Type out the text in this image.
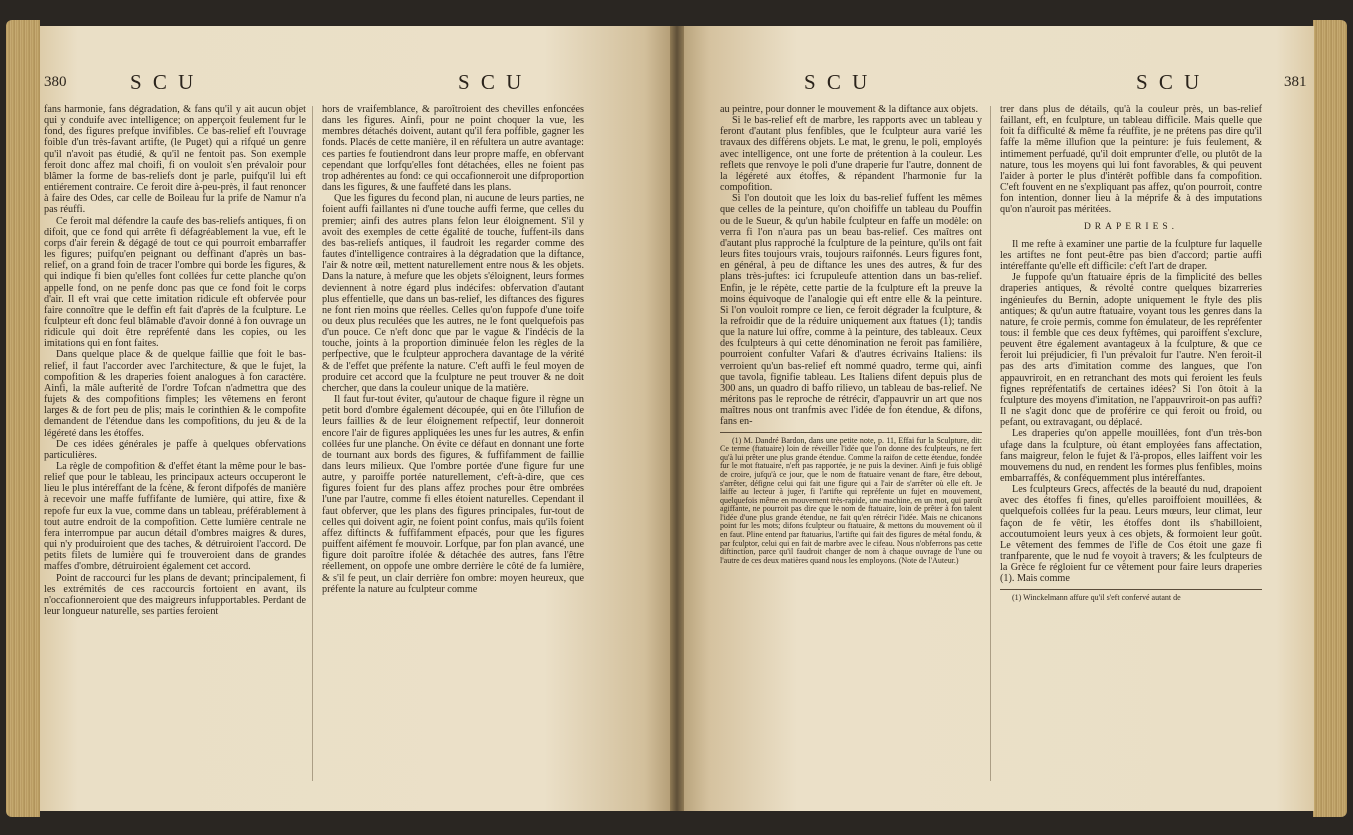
380	S C U	S C U

fans harmonie, fans dégradation, & fans qu'il y ait aucun objet qui y conduife avec intelligence; on apperçoit feulement fur le fond, des figures prefque invifibles. Ce bas-relief eft l'ouvrage foible d'un très-favant artifte, (le Puget) qui a rifqué un genre qu'il n'avoit pas étudié, & qu'il ne fentoit pas. Son exemple feroit donc affez mal choifi, fi on vouloit s'en prévaloir pour blâmer la forme de bas-reliefs dont je parle, puifqu'il lui eft entiérement contraire. Ce feroit dire à-peu-près, il faut renoncer à faire des Odes, car celle de Boileau fur la prife de Namur n'a pas réuffi.

Ce feroit mal défendre la caufe des bas-reliefs antiques, fi on difoit, que ce fond qui arrête fi défagréablement la vue, eft le corps d'air ferein & dégagé de tout ce qui pourroit embarraffer les figures; puifqu'en peignant ou deffinant d'après un bas-relief, on a grand foin de tracer l'ombre qui borde les figures, & qui indique fi bien qu'elles font collées fur cette planche qu'on appelle fond, on ne penfe donc pas que ce fond foit le corps d'air. Il eft vrai que cette imitation ridicule eft obfervée pour faire connoître que le deffin eft fait d'après de la fculpture. Le fculpteur eft donc feul blâmable d'avoir donné à fon ouvrage un ridicule qui doit être repréfenté dans les copies, ou les imitations qui en font faites.

Dans quelque place & de quelque faillie que foit le bas-relief, il faut l'accorder avec l'architecture, & que le fujet, la compofition & les draperies foient analogues à fon caractère. Ainfi, la mâle aufterité de l'ordre Tofcan n'admettra que des fujets & des compofitions fimples; les vêtemens en feront larges & de fort peu de plis; mais le corinthien & le compofite demandent de l'étendue dans les compofitions, du jeu & de la légéreté dans les étoffes.

De ces idées générales je paffe à quelques obfervations particulières.

La règle de compofition & d'effet étant la même pour le bas-relief que pour le tableau, les principaux acteurs occuperont le lieu le plus intéreffant de la fcène, & feront difpofés de manière à recevoir une maffe fuffifante de lumière, qui attire, fixe & repofe fur eux la vue, comme dans un tableau, préférablement à tout autre endroit de la compofition. Cette lumière centrale ne fera interrompue par aucun détail d'ombres maigres & dures, qui n'y produiroient que des taches, & détruiroient l'accord. De petits filets de lumière qui fe trouveroient dans de grandes maffes d'ombre, détruiroient également cet accord.

Point de raccourci fur les plans de devant; principalement, fi les extrémités de ces raccourcis fortoient en avant, ils n'occafionneroient que des maigreurs infupportables. Perdant de leur longueur naturelle, ses parties feroient

hors de vraifemblance, & paroîtroient des chevilles enfoncées dans les figures. Ainfi, pour ne point choquer la vue, les membres détachés doivent, autant qu'il fera poffible, gagner les fonds. Placés de cette manière, il en réfultera un autre avantage: ces parties fe foutiendront dans leur propre maffe, en obfervant cependant que lorfqu'elles font détachées, elles ne foient pas trop adhérentes au fond: ce qui occafionneroit une difproportion dans les figures, & une fauffeté dans les plans.

Que les figures du fecond plan, ni aucune de leurs parties, ne foient auffi faillantes ni d'une touche auffi ferme, que celles du premier; ainfi des autres plans felon leur éloignement. S'il y avoit des exemples de cette égalité de touche, fuffent-ils dans des bas-reliefs antiques, il faudroit les regarder comme des fautes d'intelligence contraires à la dégradation que la diftance, l'air & notre œil, mettent naturellement entre nous & les objets. Dans la nature, à mefure que les objets s'éloignent, leurs formes deviennent à notre égard plus indécifes: obfervation d'autant plus effentielle, que dans un bas-relief, les diftances des figures ne font rien moins que réelles. Celles qu'on fuppofe d'une toife ou deux plus reculées que les autres, ne le font quelquefois pas d'un pouce. Ce n'eft donc que par le vague & l'indécis de la touche, joints à la proportion diminuée felon les règles de la perfpective, que le fculpteur approchera davantage de la vérité & de l'effet que préfente la nature. C'eft auffi le feul moyen de produire cet accord que la fculpture ne peut trouver & ne doit chercher, que dans la couleur unique de la matière.

Il faut fur-tout éviter, qu'autour de chaque figure il règne un petit bord d'ombre également découpée, qui en ôte l'illufion de leurs faillies & de leur éloignement refpectif, leur donneroit encore l'air de figures appliquées les unes fur les autres, & enfin collées fur une planche. On évite ce défaut en donnant une forte de tournant aux bords des figures, & fuffifamment de faillie dans leurs milieux. Que l'ombre portée d'une figure fur une autre, y paroiffe portée naturellement, c'eft-à-dire, que ces figures foient fur des plans affez proches pour être ombrées l'une par l'autre, comme fi elles étoient naturelles. Cependant il faut obferver, que les plans des figures principales, fur-tout de celles qui doivent agir, ne foient point confus, mais qu'ils foient affez diftincts & fuffifamment efpacés, pour que les figures puiffent aifément fe mouvoir. Lorfque, par fon plan avancé, une figure doit paroître ifolée & détachée des autres, fans l'être réellement, on oppofe une ombre derrière le côté de fa lumière, & s'il fe peut, un clair derrière fon ombre: moyen heureux, que préfente la nature au fculpteur comme

S C U	S C U	381

au peintre, pour donner le mouvement & la diftance aux objets.

Si le bas-relief eft de marbre, les rapports avec un tableau y feront d'autant plus fenfibles, que le fculpteur aura varié les travaux des différens objets. Le mat, le grenu, le poli, employés avec intelligence, ont une forte de prétention à la couleur. Les reflets que renvoye le poli d'une draperie fur l'autre, donnent de la légéreté aux étoffes, & répandent l'harmonie fur la compofition.

Si l'on doutoit que les loix du bas-relief fuffent les mêmes que celles de la peinture, qu'on choififfe un tableau du Pouffin ou de le Sueur, & qu'un habile fculpteur en faffe un modèle: on verra fi l'on n'aura pas un beau bas-relief. Ces maîtres ont d'autant plus rapproché la fculpture de la peinture, qu'ils ont fait leurs fites toujours vrais, toujours raifonnés. Leurs figures font, en général, à peu de diftance les unes des autres, & fur des plans très-juftes: ici fcrupuleufe attention dans un bas-relief. Enfin, je le répète, cette partie de la fculpture eft la preuve la moins équivoque de l'analogie qui eft entre elle & la peinture. Si l'on vouloit rompre ce lien, ce feroit dégrader la fculpture, & la refroidir que de la réduire uniquement aux ftatues (1); tandis que la nature lui offre, comme à la peinture, des tableaux. Ceux des fculpteurs à qui cette dénomination ne feroit pas familière, pourroient confulter Vafari & d'autres écrivains Italiens: ils verroient qu'un bas-relief eft nommé quadro, terme qui, ainfi que tavola, fignifie tableau. Les Italiens difent depuis plus de 300 ans, un quadro di baffo rilievo, un tableau de bas-relief. Ne méritons pas le reproche de rétrécir, d'appauvrir un art que nos maîtres nous ont tranfmis avec l'idée de fon étendue, & difons, fans en-

(1) M. Dandré Bardon, dans une petite note, p. 11, Effai fur la Sculpture, dit: Ce terme (ftatuaire) loin de réveiller l'idée que l'on donne des fculpteurs, ne fert qu'à lui prêter une plus grande étendue. Comme la raifon de cette étendue, fondée fur le mot ftatuaire, n'eft pas rapportée, je ne puis la deviner. Ainfi je fuis obligé de croire, jufqu'à ce jour, que le nom de ftatuaire venant de ftare, être debout, s'arrêter, défigne celui qui fait une figure qui a l'air de s'arrêter où elle eft. Je laiffe au lecteur à juger, fi l'artifte qui repréfente un fujet en mouvement, quelquefois même en mouvement très-rapide, une machine, en un mot, qui paroît agiffante, ne pourroit pas dire que le nom de ftatuaire, loin de prêter à fon talent l'idée d'une plus grande étendue, ne fait qu'en rétrécir l'idée. Mais ne chicanons point fur les mots; difons fculpteur ou ftatuaire, & mettons du mouvement où il en faut. Pline entend par ftatuarius, l'artifte qui fait des figures de métal fondu, & par fculptor, celui qui en fait de marbre avec le cifeau. Nous n'obferrons pas cette diftinction, parce qu'il faudroit changer de nom à chaque ouvrage de l'une ou l'autre de ces deux matières quand nous les employons. (Note de l'Auteur.)

trer dans plus de détails, qu'à la couleur près, un bas-relief faillant, eft, en fculpture, un tableau difficile. Mais quelle que foit fa difficulté & même fa réuffite, je ne prétens pas dire qu'il faffe la même illufion que la peinture: je fuis feulement, & intimement perfuadé, qu'il doit emprunter d'elle, ou plutôt de la nature, tous les moyens qui lui font favorables, & qui peuvent l'aider à porter le plus d'intérêt poffible dans fa compofition. C'eft fouvent en ne s'expliquant pas affez, qu'on pourroit, contre fon intention, donner lieu à la méprife & à des imputations qu'on n'auroit pas méritées.

DRAPERIES.

Il me refte à examiner une partie de la fculpture fur laquelle les artiftes ne font peut-être pas bien d'accord; partie auffi intéreffante qu'elle eft difficile: c'eft l'art de draper.

Je fuppofe qu'un ftatuaire épris de la fimplicité des belles draperies antiques, & révolté contre quelques bizarreries ingénieufes du Bernin, adopte uniquement le ftyle des plis antiques; & qu'un autre ftatuaire, voyant tous les genres dans la nature, fe croie permis, comme fon émulateur, de les repréfenter tous: il femble que ces deux fyftêmes, qui paroiffent s'exclure, peuvent être également avantageux à la fculpture, & que ce feroit lui préjudicier, fi l'un prévaloit fur l'autre. N'en feroit-il pas des arts d'imitation comme des langues, que l'on appauvriroit, en en retranchant des mots qui feroient les feuls fignes repréfentatifs de certaines idées? Si l'on ôtoit à la fculpture des moyens d'imitation, ne l'appauvriroit-on pas auffi? Il ne s'agit donc que de proférire ce qui feroit ou froid, ou pefant, ou extravagant, ou déplacé.

Les draperies qu'on appelle mouillées, font d'un très-bon ufage dans la fculpture, où étant employées fans affectation, fans maigreur, felon le fujet & l'à-propos, elles laiffent voir les mouvemens du nud, en rendent les formes plus fenfibles, moins embarraffés, & conféquemment plus intéreffantes.

Les fculpteurs Grecs, affectés de la beauté du nud, drapoient avec des étoffes fi fines, qu'elles paroiffoient mouillées, & quelquefois collées fur la peau. Leurs mœurs, leur climat, leur façon de fe vêtir, les étoffes dont ils s'habilloient, accoutumoient leurs yeux à ces objets, & formoient leur goût. Le vêtement des femmes de l'ifle de Cos étoit une gaze fi tranfparente, que le nud fe voyoit à travers; & les fculpteurs de la Grèce fe régloient fur ce vêtement pour faire leurs draperies (1). Mais comme

(1) Winckelmann affure qu'il s'eft confervé autant de
